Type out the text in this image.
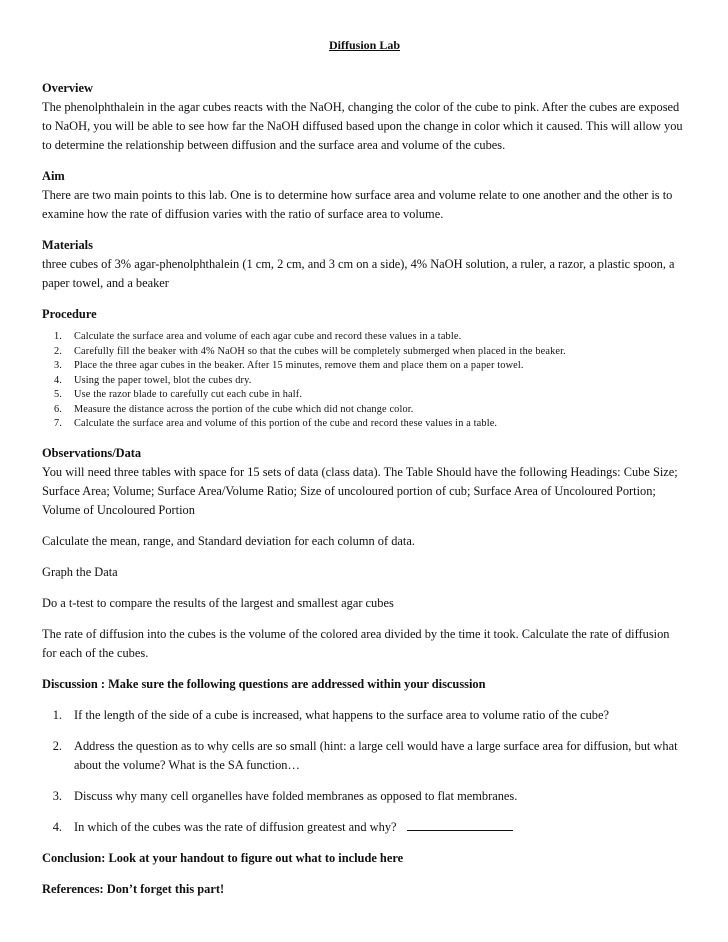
Diffusion Lab

Overview

The phenolphthalein in the agar cubes reacts with the NaOH, changing the color of the cube to pink. After the cubes are exposed to NaOH, you will be able to see how far the NaOH diffused based upon the change in color which it caused. This will allow you to determine the relationship between diffusion and the surface area and volume of the cubes.

Aim

There are two main points to this lab. One is to determine how surface area and volume relate to one another and the other is to examine how the rate of diffusion varies with the ratio of surface area to volume.

Materials

three cubes of 3% agar-phenolphthalein (1 cm, 2 cm, and 3 cm on a side), 4% NaOH solution, a ruler, a razor, a plastic spoon, a paper towel, and a beaker

Procedure

1.	Calculate the surface area and volume of each agar cube and record these values in a table.
2.	Carefully fill the beaker with 4% NaOH so that the cubes will be completely submerged when placed in the beaker.
3.	Place the three agar cubes in the beaker. After 15 minutes, remove them and place them on a paper towel.
4.	Using the paper towel, blot the cubes dry.
5.	Use the razor blade to carefully cut each cube in half.
6.	Measure the distance across the portion of the cube which did not change color.
7.	Calculate the surface area and volume of this portion of the cube and record these values in a table.

Observations/Data

You will need three tables with space for 15 sets of data (class data). The Table Should have the following Headings: Cube Size; Surface Area; Volume; Surface Area/Volume Ratio; Size of uncoloured portion of cub; Surface Area of Uncoloured Portion; Volume of Uncoloured Portion

Calculate the mean, range, and Standard deviation for each column of data.

Graph the Data

Do a t-test to compare the results of the largest and smallest agar cubes

The rate of diffusion into the cubes is the volume of the colored area divided by the time it took. Calculate the rate of diffusion for each of the cubes.

Discussion : Make sure the following questions are addressed within your discussion

1. If the length of the side of a cube is increased, what happens to the surface area to volume ratio of the cube?
2. Address the question as to why cells are so small (hint: a large cell would have a large surface area for diffusion, but what about the volume? What is the SA function…
3. Discuss why many cell organelles have folded membranes as opposed to flat membranes.
4. In which of the cubes was the rate of diffusion greatest and why?

Conclusion: Look at your handout to figure out what to include here

References: Don’t forget this part!
